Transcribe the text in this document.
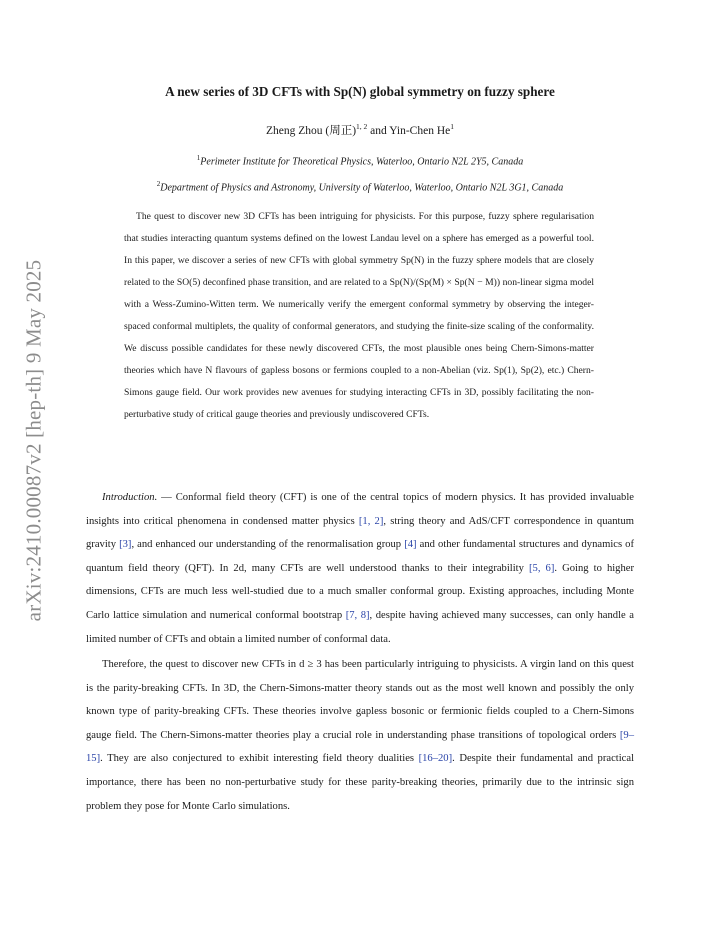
arXiv:2410.00087v2 [hep-th] 9 May 2025
A new series of 3D CFTs with Sp(N) global symmetry on fuzzy sphere
Zheng Zhou (周正)$^{1, 2}$ and Yin-Chen He$^1$
$^1$Perimeter Institute for Theoretical Physics, Waterloo, Ontario N2L 2Y5, Canada
$^2$Department of Physics and Astronomy, University of Waterloo, Waterloo, Ontario N2L 3G1, Canada

The quest to discover new 3D CFTs has been intriguing for physicists. For this purpose, fuzzy sphere regularisation that studies interacting quantum systems defined on the lowest Landau level on a sphere has emerged as a powerful tool. In this paper, we discover a series of new CFTs with global symmetry Sp(N) in the fuzzy sphere models that are closely related to the SO(5) deconfined phase transition, and are related to a Sp(N)/(Sp(M) × Sp(N − M)) non-linear sigma model with a Wess-Zumino-Witten term. We numerically verify the emergent conformal symmetry by observing the integer-spaced conformal multiplets, the quality of conformal generators, and studying the finite-size scaling of the conformality. We discuss possible candidates for these newly discovered CFTs, the most plausible ones being Chern-Simons-matter theories which have N flavours of gapless bosons or fermions coupled to a non-Abelian (viz. Sp(1), Sp(2), etc.) Chern-Simons gauge field. Our work provides new avenues for studying interacting CFTs in 3D, possibly facilitating the non-perturbative study of critical gauge theories and previously undiscovered CFTs.

Introduction. — Conformal field theory (CFT) is one of the central topics of modern physics. It has provided invaluable insights into critical phenomena in condensed matter physics [1, 2], string theory and AdS/CFT correspondence in quantum gravity [3], and enhanced our understanding of the renormalisation group [4] and other fundamental structures and dynamics of quantum field theory (QFT). In 2d, many CFTs are well understood thanks to their integrability [5, 6]. Going to higher dimensions, CFTs are much less well-studied due to a much smaller conformal group. Existing approaches, including Monte Carlo lattice simulation and numerical conformal bootstrap [7, 8], despite having achieved many successes, can only handle a limited number of CFTs and obtain a limited number of conformal data.

Therefore, the quest to discover new CFTs in d ≥ 3 has been particularly intriguing to physicists. A virgin land on this quest is the parity-breaking CFTs. In 3D, the Chern-Simons-matter theory stands out as the most well known and possibly the only known type of parity-breaking CFTs. These theories involve gapless bosonic or fermionic fields coupled to a Chern-Simons gauge field. The Chern-Simons-matter theories play a crucial role in understanding phase transitions of topological orders [9–15]. They are also conjectured to exhibit interesting field theory dualities [16–20]. Despite their fundamental and practical importance, there has been no non-perturbative study for these parity-breaking theories, primarily due to the intrinsic sign problem they pose for Monte Carlo simulations.
